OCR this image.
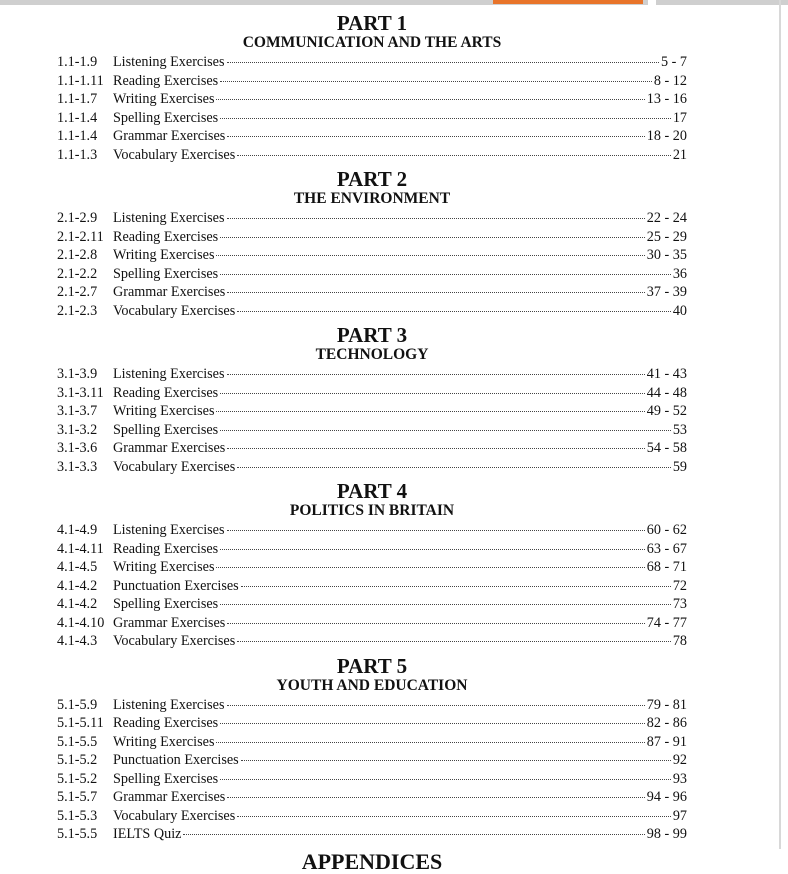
PART 1
COMMUNICATION AND THE ARTS
1.1-1.9	Listening Exercises	5 - 7
1.1-1.11 Reading Exercises	8 - 12
1.1-1.7	Writing Exercises	13 - 16
1.1-1.4	Spelling Exercises	17
1.1-1.4	Grammar Exercises	18 - 20
1.1-1.3	Vocabulary Exercises	21
PART 2
THE ENVIRONMENT
2.1-2.9	Listening Exercises	22 - 24
2.1-2.11 Reading Exercises	25 - 29
2.1-2.8	Writing Exercises	30 - 35
2.1-2.2	Spelling Exercises	36
2.1-2.7	Grammar Exercises	37 - 39
2.1-2.3	Vocabulary Exercises	40
PART 3
TECHNOLOGY
3.1-3.9	Listening Exercises	41 - 43
3.1-3.11 Reading Exercises	44 - 48
3.1-3.7	Writing Exercises	49 - 52
3.1-3.2	Spelling Exercises	53
3.1-3.6	Grammar Exercises	54 - 58
3.1-3.3	Vocabulary Exercises	59
PART 4
POLITICS IN BRITAIN
4.1-4.9	Listening Exercises	60 - 62
4.1-4.11 Reading Exercises	63 - 67
4.1-4.5	Writing Exercises	68 - 71
4.1-4.2	Punctuation Exercises	72
4.1-4.2	Spelling Exercises	73
4.1-4.10 Grammar Exercises	74 - 77
4.1-4.3	Vocabulary Exercises	78
PART 5
YOUTH AND EDUCATION
5.1-5.9	Listening Exercises	79 - 81
5.1-5.11 Reading Exercises	82 - 86
5.1-5.5	Writing Exercises	87 - 91
5.1-5.2	Punctuation Exercises	92
5.1-5.2	Spelling Exercises	93
5.1-5.7	Grammar Exercises	94 - 96
5.1-5.3	Vocabulary Exercises	97
5.1-5.5	IELTS Quiz	98 - 99
APPENDICES
